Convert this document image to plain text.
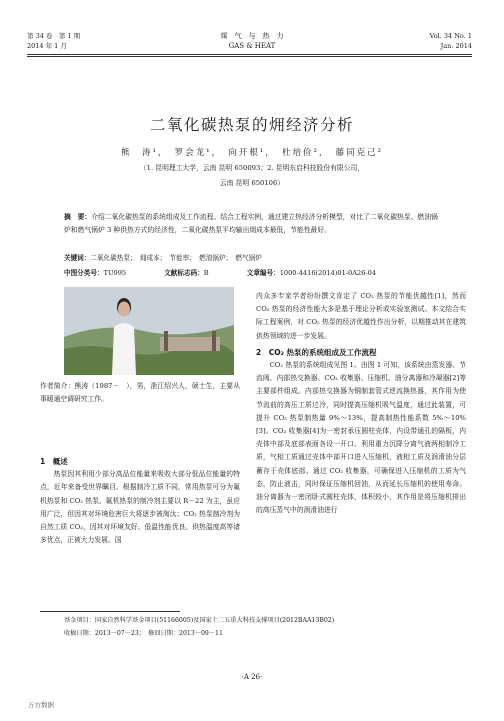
第 34 卷　第 1 期
2014 年 1 月
煤　气　与　热　力
GAS & HEAT
Vol. 34 No. 1
Jan. 2014
二氧化碳热泵的㶲经济分析
熊　涛¹，　罗会龙¹，　向开根¹，　杜培俭²，　藤同克己²
（1. 昆明理工大学，云南 昆明 650093；2. 昆明东启科技股份有限公司，
云南 昆明 650106）
摘　要：介绍二氧化碳热泵的系统组成及工作流程。结合工程实例，通过建立热经济分析模型，对比了二氧化碳热泵、燃油锅炉和燃气锅炉 3 种供热方式的经济性，二氧化碳热泵平均输出㶲成本最低，节能性最好。
关键词：二氧化碳热泵；　㶲成本；　节能率；　燃油锅炉；　燃气锅炉
中图分类号：TU995	文献标志码：B	文章编号：1000-4416(2014)01-0A26-04
作者简介：熊涛（1987－　），男，浙江绍兴人，硕士生，主要从事暖通空调研究工作。
1　概述
热泵因其利用少部分高品位能量来吸收大部分低品位能量的特点，近年来备受世界瞩目。根据制冷工质不同，常用热泵可分为氟机热泵和 CO₂ 热泵。氟机热泵的制冷剂主要以 R－22 为主，虽应用广泛，但因其对环境危害巨大将逐步被淘汰；CO₂ 热泵制冷剂为自然工质 CO₂，因其对环境友好、低温性能优良、供热温度高等诸多优点，正被大力发展。国
内众多专家学者纷纷撰文肯定了 CO₂ 热泵的节能优越性[1]，然而 CO₂ 热泵的经济性能大多是基于理论分析或实验室测试。本文结合实际工程案例，对 CO₂ 热泵的经济优越性作出分析，以期推动其在建筑供热领域的进一步发展。
2　CO₂ 热泵的系统组成及工作流程
CO₂ 热泵的系统组成见图 1。由图 1 可知，该系统由蒸发器、节流阀、内部热交换器、CO₂ 收集器、压缩机、油分离器和冷凝器[2]等主要部件组成。内部热交换器为铜制套管式逆流换热器，其作用为使节流前的高压工质过冷，同时提高压缩机吸气温度，通过此装置，可提升 CO₂ 热泵制热量 9%～13%，提高制热性能系数 5%～10%[3]。CO₂ 收集器[4]为一密封承压圆柱壳体，内设带通孔的隔板，内壳体中部及底部表面各设一开口。利用重力沉降分离气液两相制冷工质，气相工质通过壳体中部开口进入压缩机，液相工质及润滑油分层蓄存于壳体底部。通过 CO₂ 收集器，可确保进入压缩机的工质为气态，防止液击，同时保证压缩机回油，从而延长压缩机的使用寿命。油分离器为一密闭卧式圆柱壳体，体积较小，其作用是将压缩机排出的高压蒸气中的润滑油进行
基金项目：国家自然科学基金项目(51166005)及国家十二五重大科技支撑项目(2012BAA13B02)
收稿日期：2013－07－23；　修回日期：2013－09－11
·A 26·
万方数据
